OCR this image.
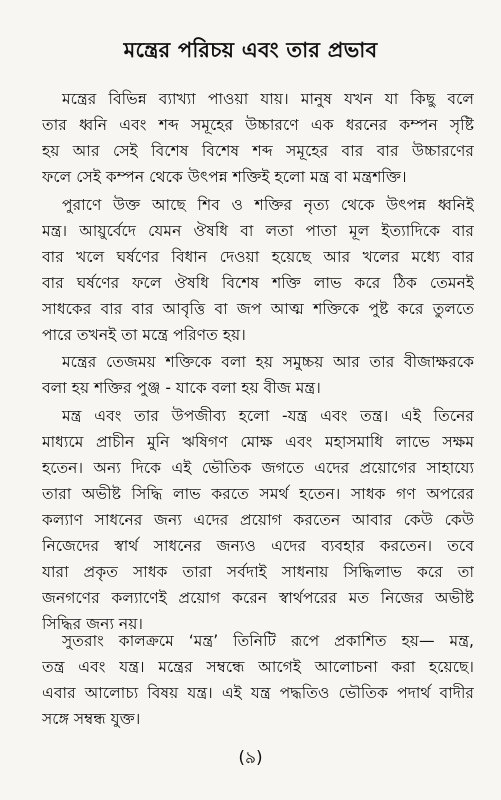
মন্ত্রের পরিচয় এবং তার প্রভাব
মন্ত্রের বিভিন্ন ব্যাখ্যা পাওয়া যায়। মানুষ যখন যা কিছু বলে
তার ধ্বনি এবং শব্দ সমূহের উচ্চারণে এক ধরনের কম্পন সৃষ্টি
হয় আর সেই বিশেষ বিশেষ শব্দ সমূহের বার বার উচ্চারণের
ফলে সেই কম্পন থেকে উৎপন্ন শক্তিই হলো মন্ত্র বা মন্ত্রশক্তি।
পুরাণে উক্ত আছে শিব ও শক্তির নৃত্য থেকে উৎপন্ন ধ্বনিই
মন্ত্র। আয়ুর্বেদে যেমন ঔষধি বা লতা পাতা মূল ইত্যাদিকে বার
বার খলে ঘর্ষণের বিধান দেওয়া হয়েছে আর খলের মধ্যে বার
বার ঘর্ষণের ফলে ঔষধি বিশেষ শক্তি লাভ করে ঠিক তেমনই
সাধকের বার বার আবৃত্তি বা জপ আত্ম শক্তিকে পুষ্ট করে তুলতে
পারে তখনই তা মন্ত্রে পরিণত হয়।
মন্ত্রের তেজময় শক্তিকে বলা হয় সমুচ্চয় আর তার বীজাক্ষরকে
বলা হয় শক্তির পুঞ্জ - যাকে বলা হয় বীজ মন্ত্র।
মন্ত্র এবং তার উপজীব্য হলো -যন্ত্র এবং তন্ত্র। এই তিনের
মাধ্যমে প্রাচীন মুনি ঋষিগণ মোক্ষ এবং মহাসমাধি লাভে সক্ষম
হতেন। অন্য দিকে এই ভৌতিক জগতে এদের প্রয়োগের সাহায্যে
তারা অভীষ্ট সিদ্ধি লাভ করতে সমর্থ হতেন। সাধক গণ অপরের
কল্যাণ সাধনের জন্য এদের প্রয়োগ করতেন আবার কেউ কেউ
নিজেদের স্বার্থ সাধনের জন্যও এদের ব্যবহার করতেন। তবে
যারা প্রকৃত সাধক তারা সর্বদাই সাধনায় সিদ্ধিলাভ করে তা
জনগণের কল্যাণেই প্রয়োগ করেন স্বার্থপরের মত নিজের অভীষ্ট
সিদ্ধির জন্য নয়।
সুতরাং কালক্রমে ‘মন্ত্র’ তিনিটি রূপে প্রকাশিত হয়— মন্ত্র,
তন্ত্র এবং যন্ত্র। মন্ত্রের সম্বন্ধে আগেই আলোচনা করা হয়েছে।
এবার আলোচ্য বিষয় যন্ত্র। এই যন্ত্র পদ্ধতিও ভৌতিক পদার্থ বাদীর
সঙ্গে সম্বন্ধ যুক্ত।
(৯)
